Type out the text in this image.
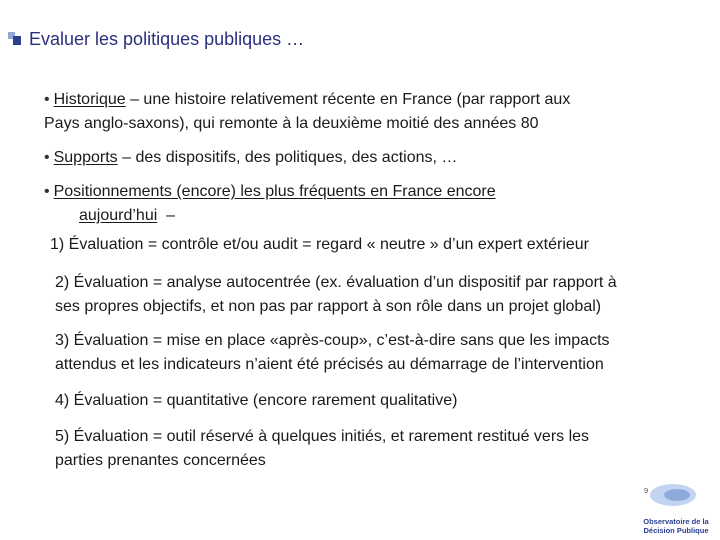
Evaluer les politiques publiques …

• Historique – une histoire relativement récente en France (par rapport aux

Pays anglo-saxons), qui remonte à la deuxième moitié des années 80

• Supports – des dispositifs, des politiques, des actions, …

• Positionnements (encore) les plus fréquents en France encore

aujourd’hui –

1) Évaluation = contrôle et/ou audit = regard « neutre » d’un expert extérieur

2) Évaluation = analyse autocentrée (ex. évaluation d’un dispositif par rapport à

ses propres objectifs, et non pas par rapport à son rôle dans un projet global)

3) Évaluation = mise en place «après-coup», c’est-à-dire sans que les impacts

attendus et les indicateurs n’aient été précisés au démarrage de l’intervention

4) Évaluation = quantitative (encore rarement qualitative)

5) Évaluation = outil réservé à quelques initiés, et rarement restitué vers les

parties prenantes concernées

9
Observatoire de la
Décision Publique
